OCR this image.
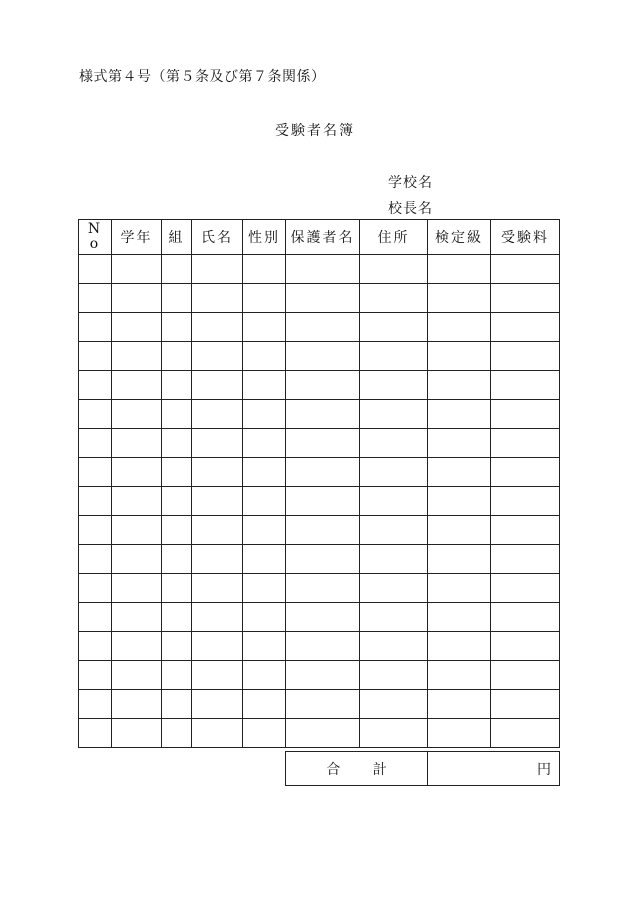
様式第４号（第５条及び第７条関係）
受験者名簿
学校名
校長名
N
o	学年	組	氏名	性別	保護者名	住所	検定級	受験料

合 計	円
